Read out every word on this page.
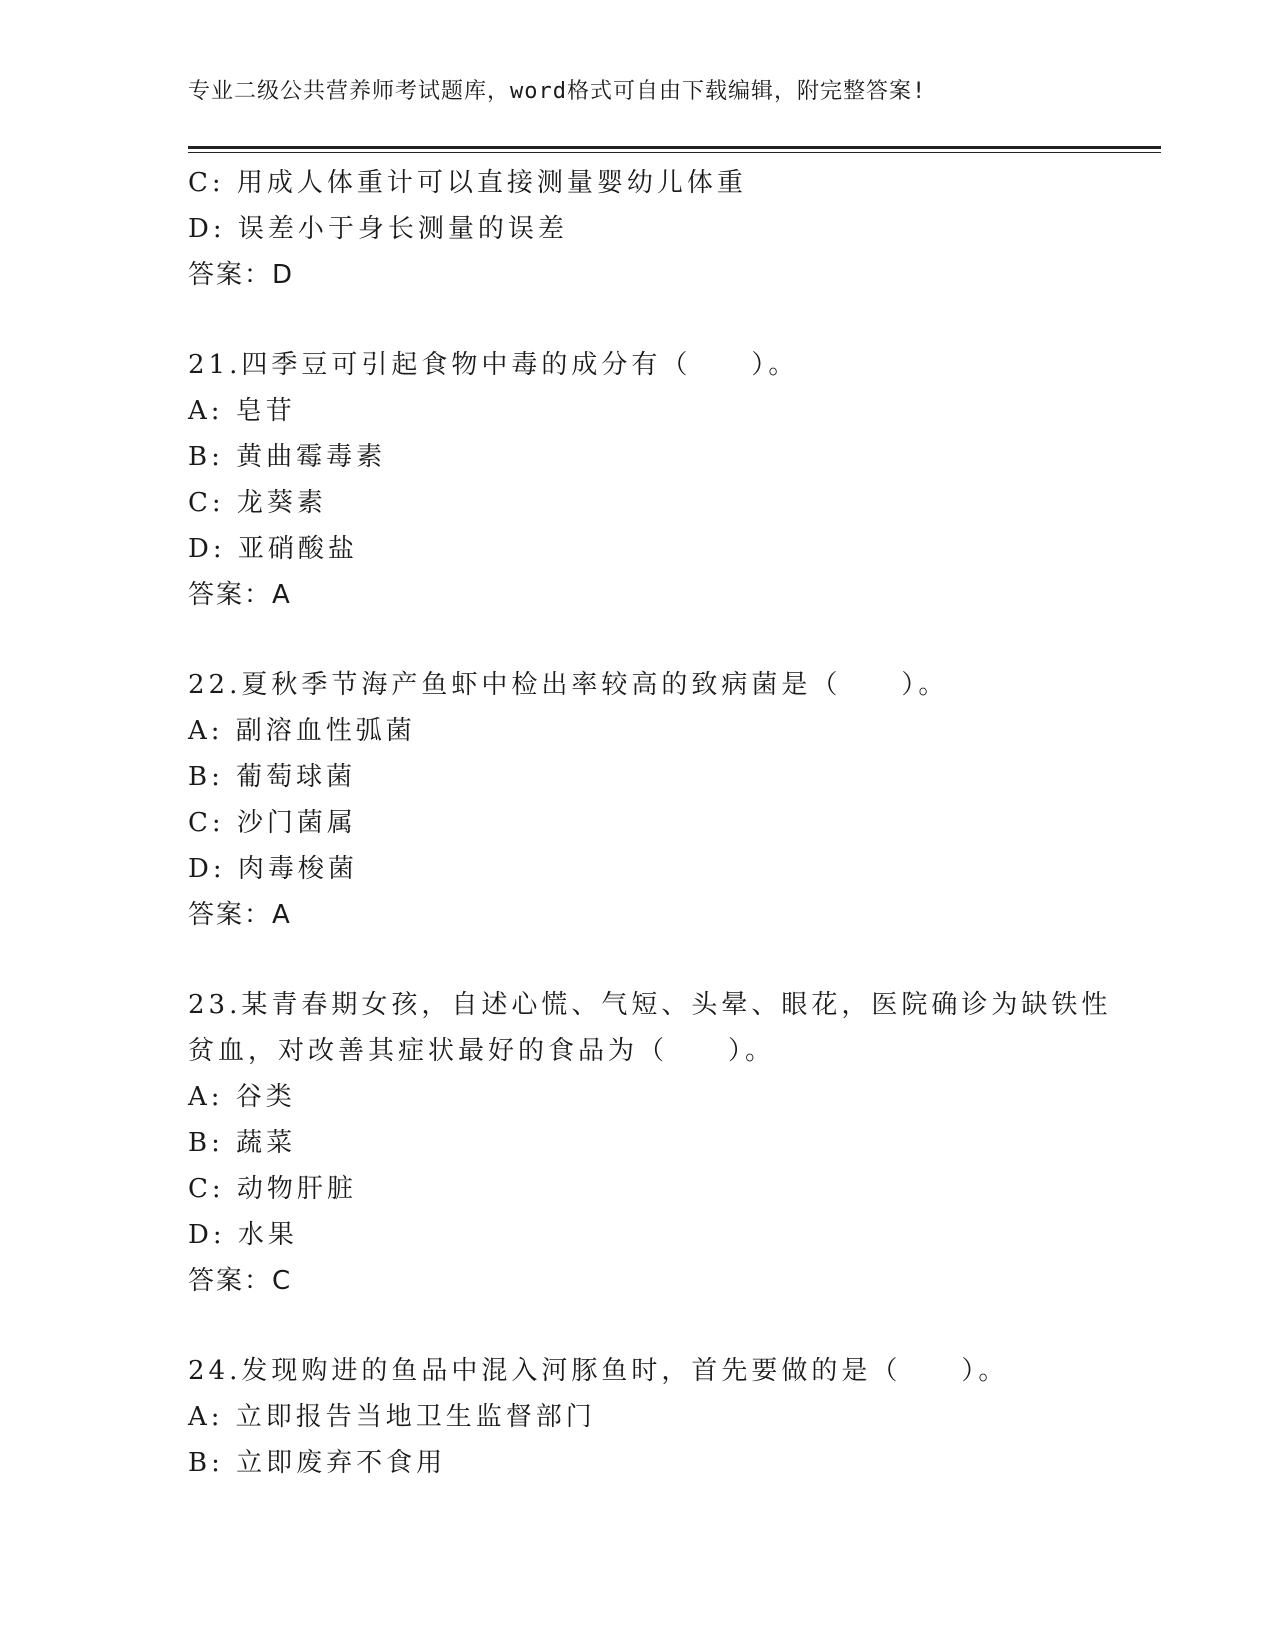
专业二级公共营养师考试题库，word格式可自由下载编辑，附完整答案!
C: 用成人体重计可以直接测量婴幼儿体重
D: 误差小于身长测量的误差
答案：D
21.四季豆可引起食物中毒的成分有（　　）。
A: 皂苷
B: 黄曲霉毒素
C: 龙葵素
D: 亚硝酸盐
答案：A
22.夏秋季节海产鱼虾中检出率较高的致病菌是（　　）。
A: 副溶血性弧菌
B: 葡萄球菌
C: 沙门菌属
D: 肉毒梭菌
答案：A
23.某青春期女孩，自述心慌、气短、头晕、眼花，医院确诊为缺铁性
贫血，对改善其症状最好的食品为（　　）。
A: 谷类
B: 蔬菜
C: 动物肝脏
D: 水果
答案：C
24.发现购进的鱼品中混入河豚鱼时，首先要做的是（　　）。
A: 立即报告当地卫生监督部门
B: 立即废弃不食用
